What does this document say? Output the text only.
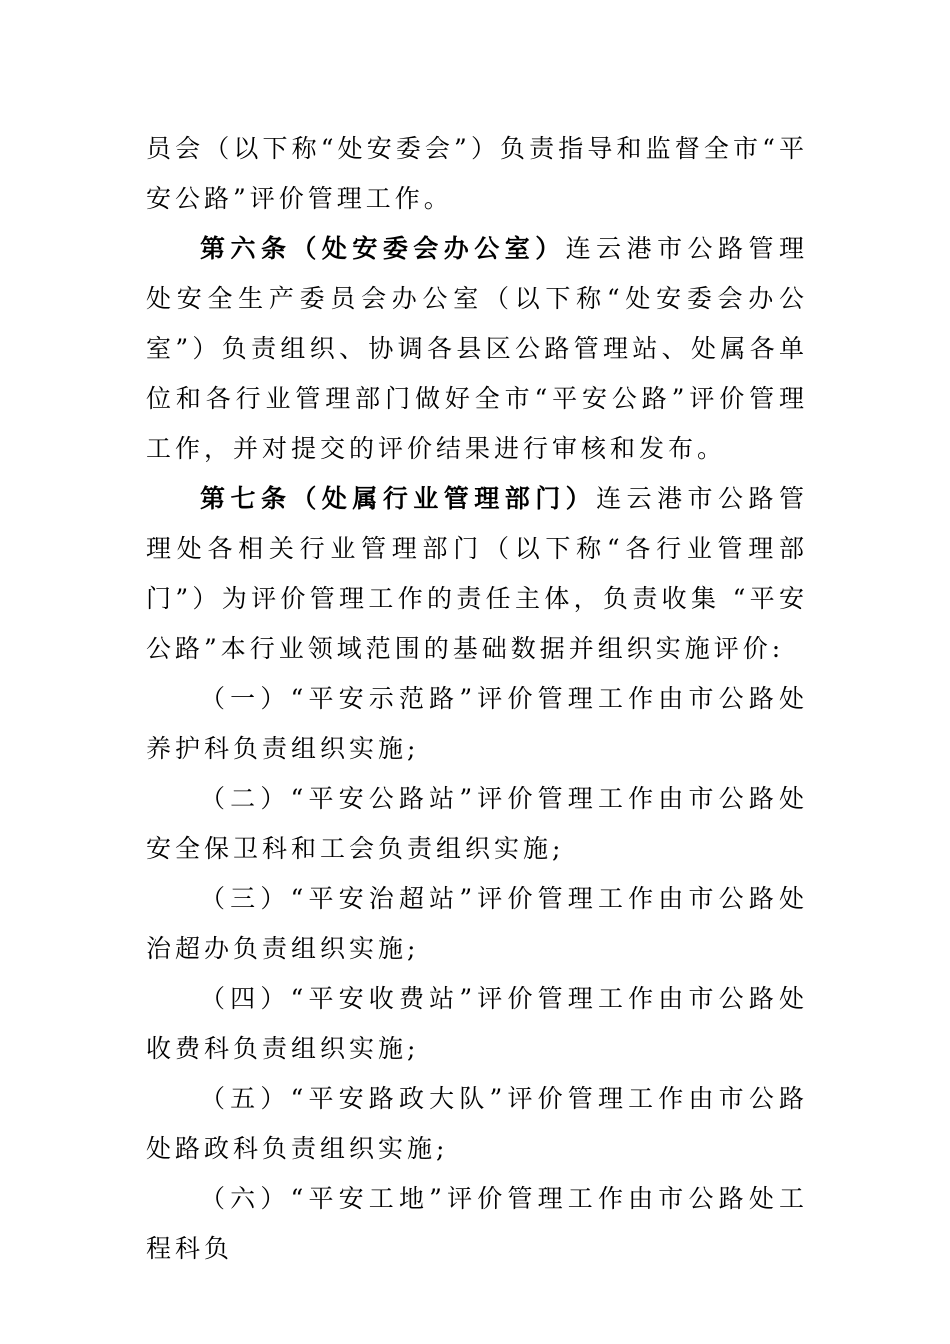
员会（以下称“处安委会”）负责指导和监督全市“平安公路”评价管理工作。

第六条（处安委会办公室）连云港市公路管理处安全生产委员会办公室（以下称“处安委会办公室”）负责组织、协调各县区公路管理站、处属各单位和各行业管理部门做好全市“平安公路”评价管理工作，并对提交的评价结果进行审核和发布。

第七条（处属行业管理部门）连云港市公路管理处各相关行业管理部门（以下称“各行业管理部门”）为评价管理工作的责任主体，负责收集 “平安公路”本行业领域范围的基础数据并组织实施评价:

（一）“平安示范路”评价管理工作由市公路处养护科负责组织实施;

（二）“平安公路站”评价管理工作由市公路处安全保卫科和工会负责组织实施;

（三）“平安治超站”评价管理工作由市公路处治超办负责组织实施;

（四）“平安收费站”评价管理工作由市公路处收费科负责组织实施;

（五）“平安路政大队”评价管理工作由市公路处路政科负责组织实施;

（六）“平安工地”评价管理工作由市公路处工程科负
